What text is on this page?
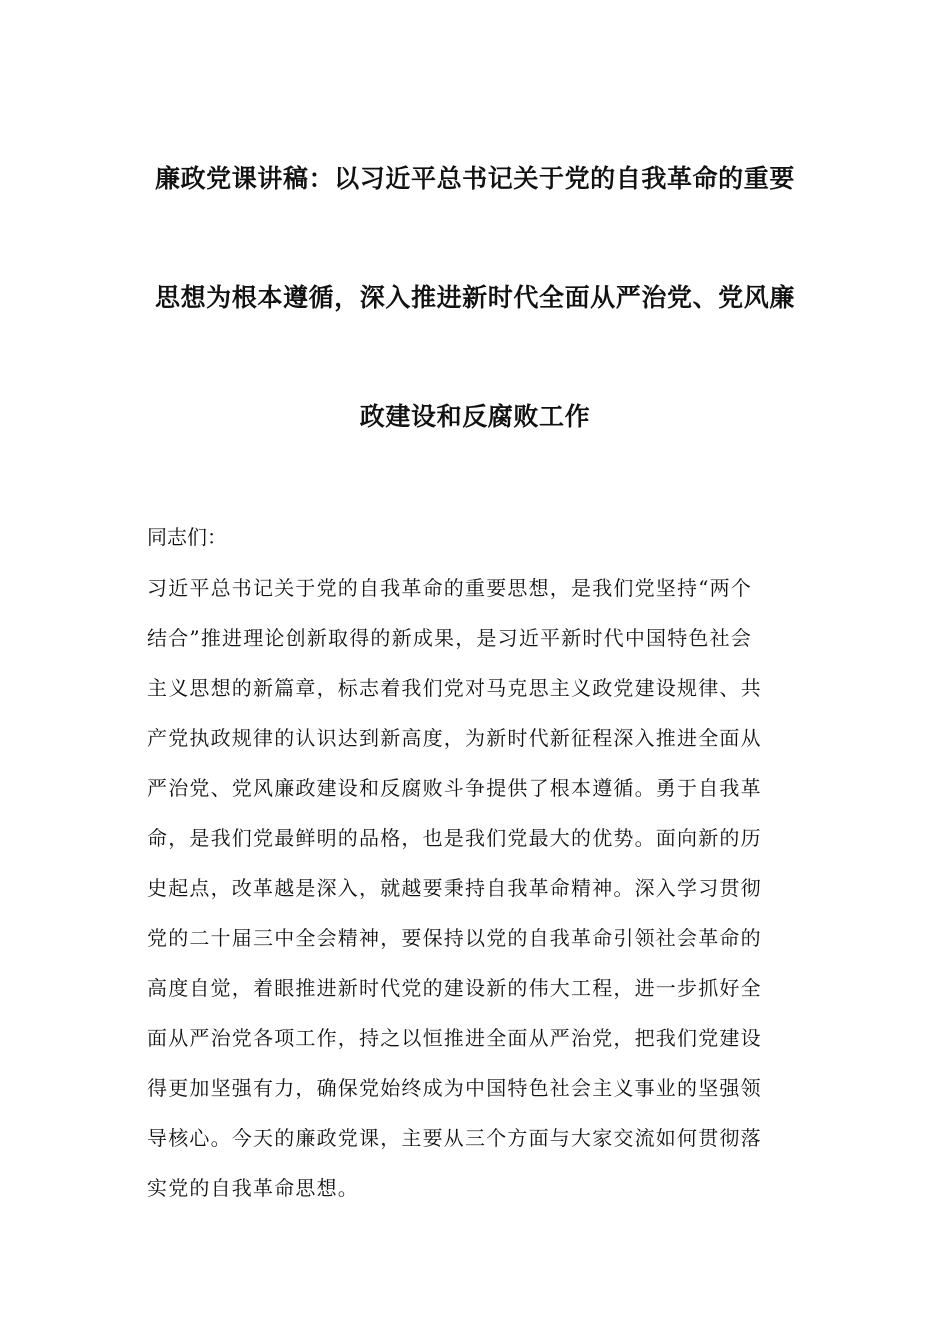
廉政党课讲稿：以习近平总书记关于党的自我革命的重要
思想为根本遵循，深入推进新时代全面从严治党、党风廉
政建设和反腐败工作
同志们：
习近平总书记关于党的自我革命的重要思想，是我们党坚持“两个
结合”推进理论创新取得的新成果，是习近平新时代中国特色社会
主义思想的新篇章，标志着我们党对马克思主义政党建设规律、共
产党执政规律的认识达到新高度，为新时代新征程深入推进全面从
严治党、党风廉政建设和反腐败斗争提供了根本遵循。勇于自我革
命，是我们党最鲜明的品格，也是我们党最大的优势。面向新的历
史起点，改革越是深入，就越要秉持自我革命精神。深入学习贯彻
党的二十届三中全会精神，要保持以党的自我革命引领社会革命的
高度自觉，着眼推进新时代党的建设新的伟大工程，进一步抓好全
面从严治党各项工作，持之以恒推进全面从严治党，把我们党建设
得更加坚强有力，确保党始终成为中国特色社会主义事业的坚强领
导核心。今天的廉政党课，主要从三个方面与大家交流如何贯彻落
实党的自我革命思想。
